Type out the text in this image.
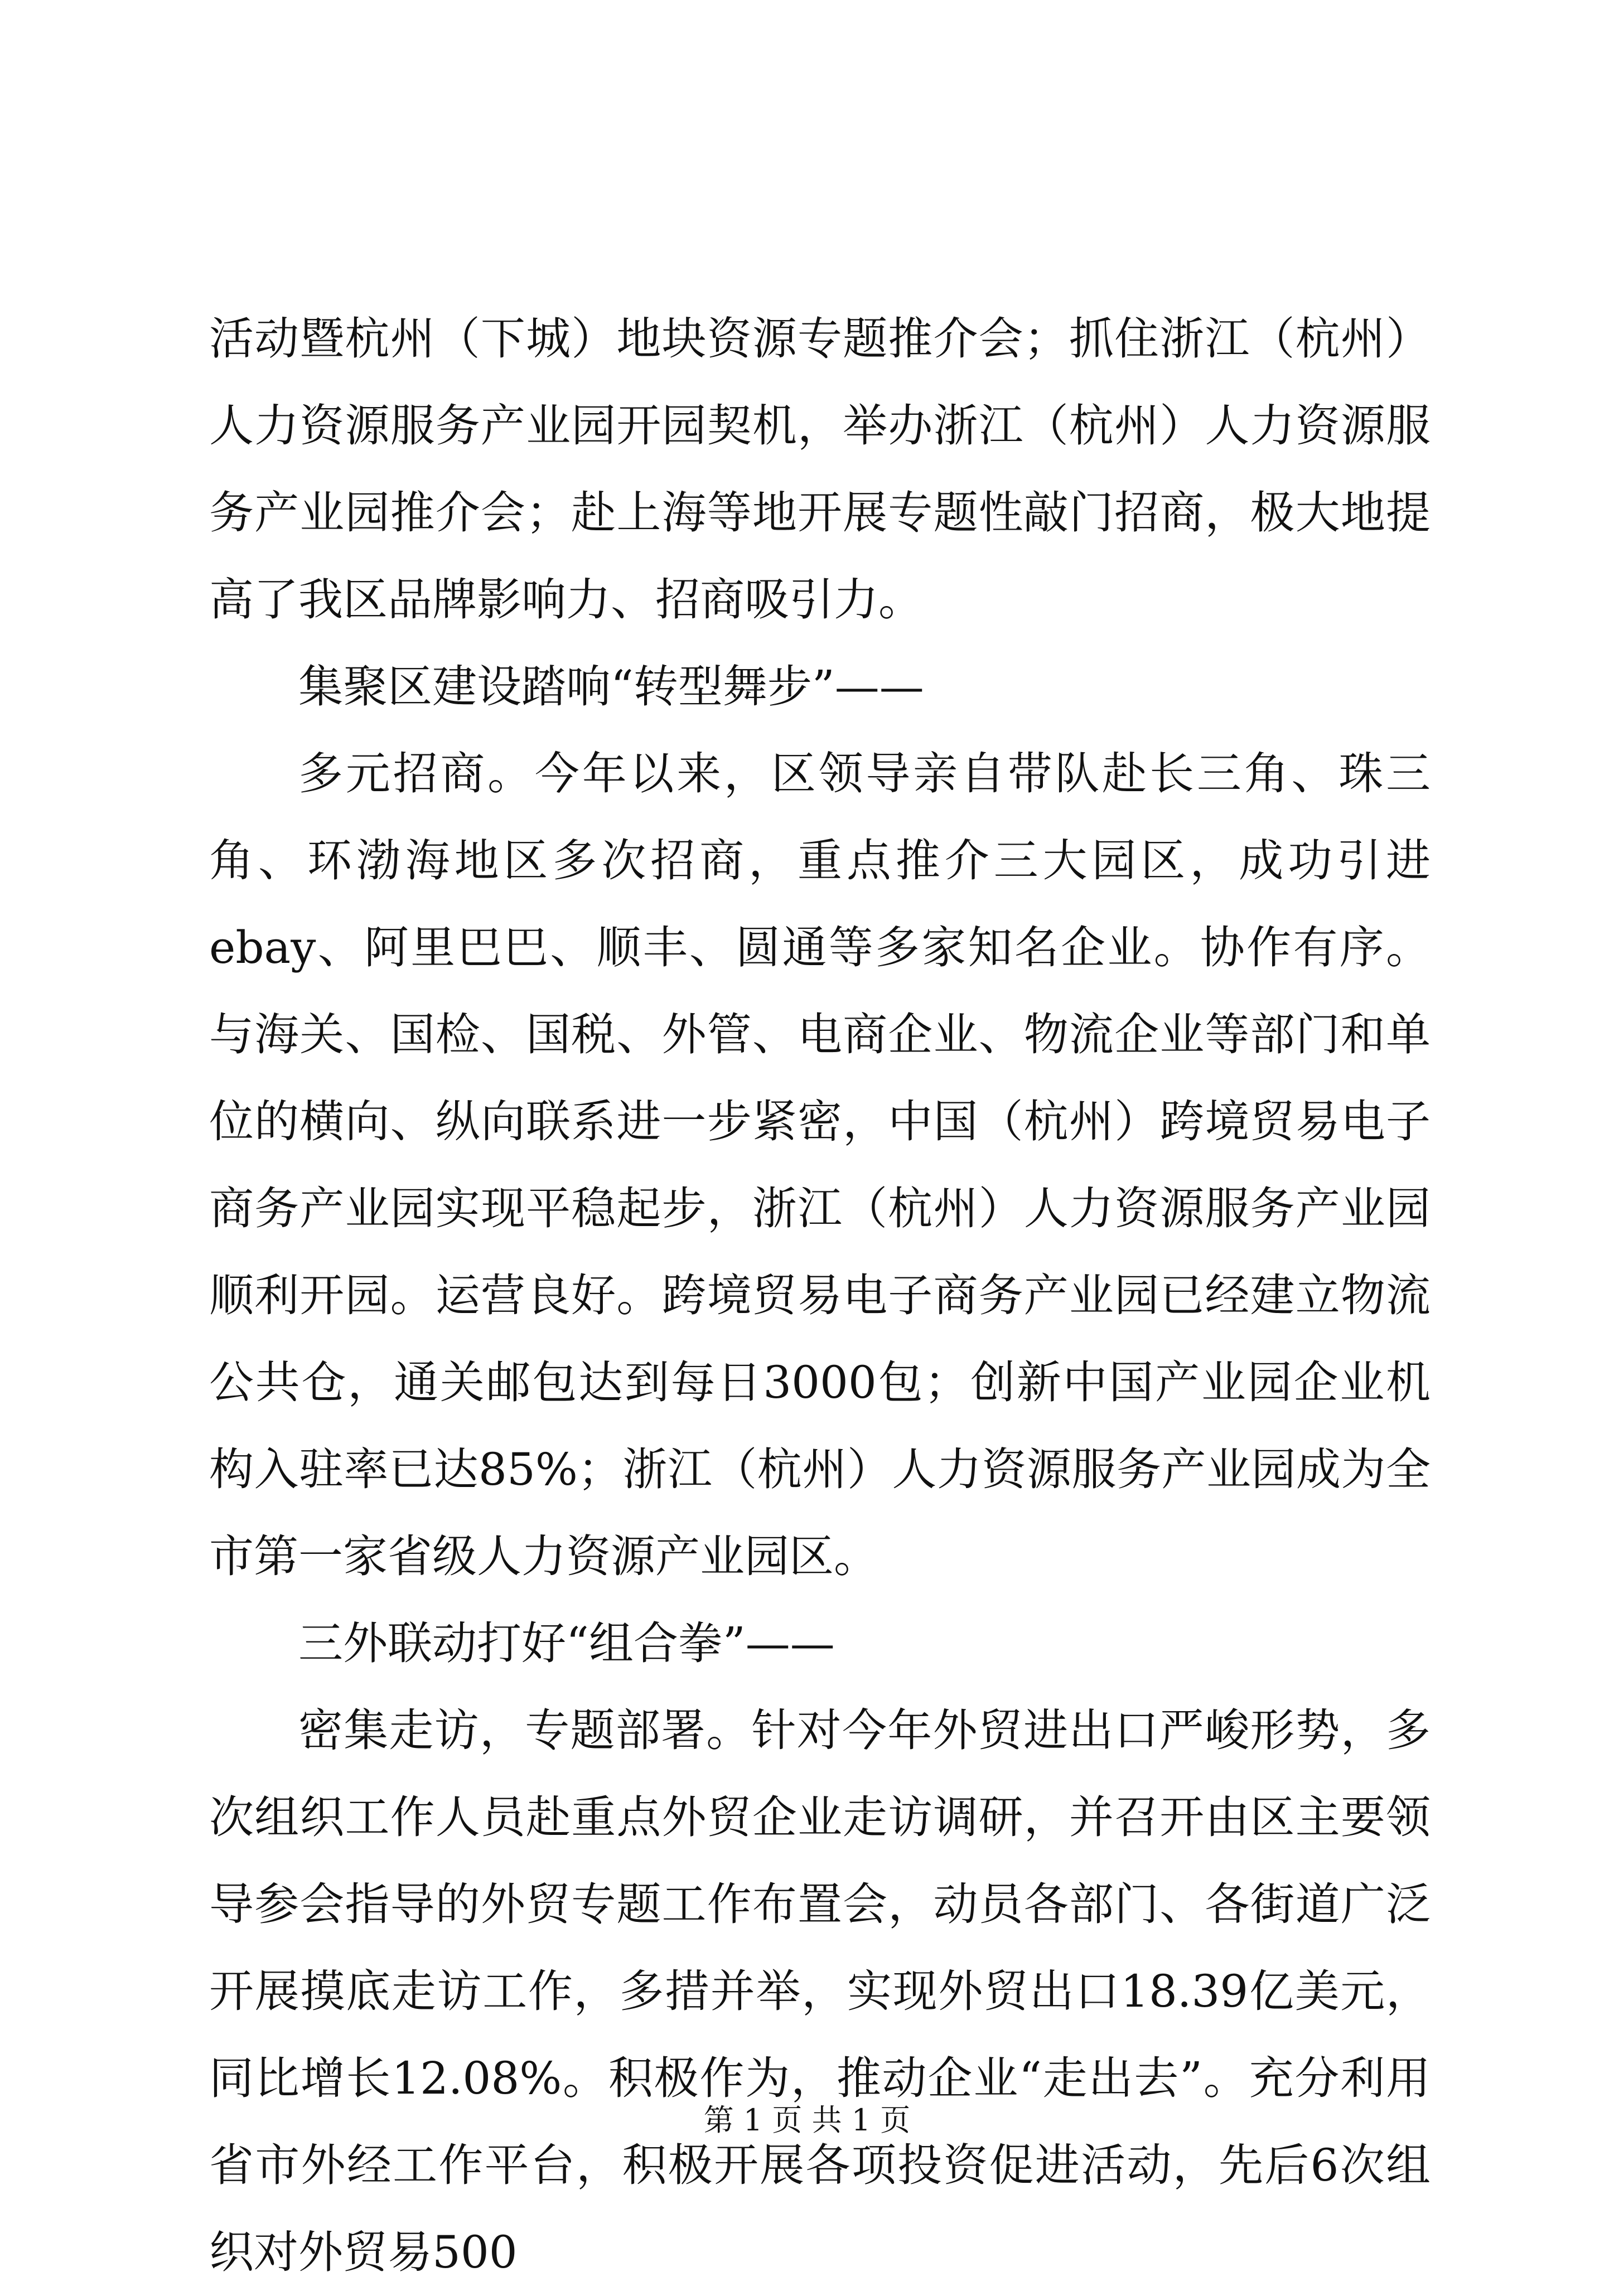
活动暨杭州（下城）地块资源专题推介会；抓住浙江（杭州）人力资源服务产业园开园契机，举办浙江（杭州）人力资源服务产业园推介会；赴上海等地开展专题性敲门招商，极大地提高了我区品牌影响力、招商吸引力。

集聚区建设踏响“转型舞步”——

多元招商。今年以来，区领导亲自带队赴长三角、珠三角、环渤海地区多次招商，重点推介三大园区，成功引进ebay、阿里巴巴、顺丰、圆通等多家知名企业。协作有序。与海关、国检、国税、外管、电商企业、物流企业等部门和单位的横向、纵向联系进一步紧密，中国（杭州）跨境贸易电子商务产业园实现平稳起步，浙江（杭州）人力资源服务产业园顺利开园。运营良好。跨境贸易电子商务产业园已经建立物流公共仓，通关邮包达到每日3000包；创新中国产业园企业机构入驻率已达85%；浙江（杭州）人力资源服务产业园成为全市第一家省级人力资源产业园区。

三外联动打好“组合拳”——

密集走访，专题部署。针对今年外贸进出口严峻形势，多次组织工作人员赴重点外贸企业走访调研，并召开由区主要领导参会指导的外贸专题工作布置会，动员各部门、各街道广泛开展摸底走访工作，多措并举，实现外贸出口18.39亿美元，同比增长12.08%。积极作为，推动企业“走出去”。充分利用省市外经工作平台，积极开展各项投资促进活动，先后6次组织对外贸易500

第 1 页 共 1 页
